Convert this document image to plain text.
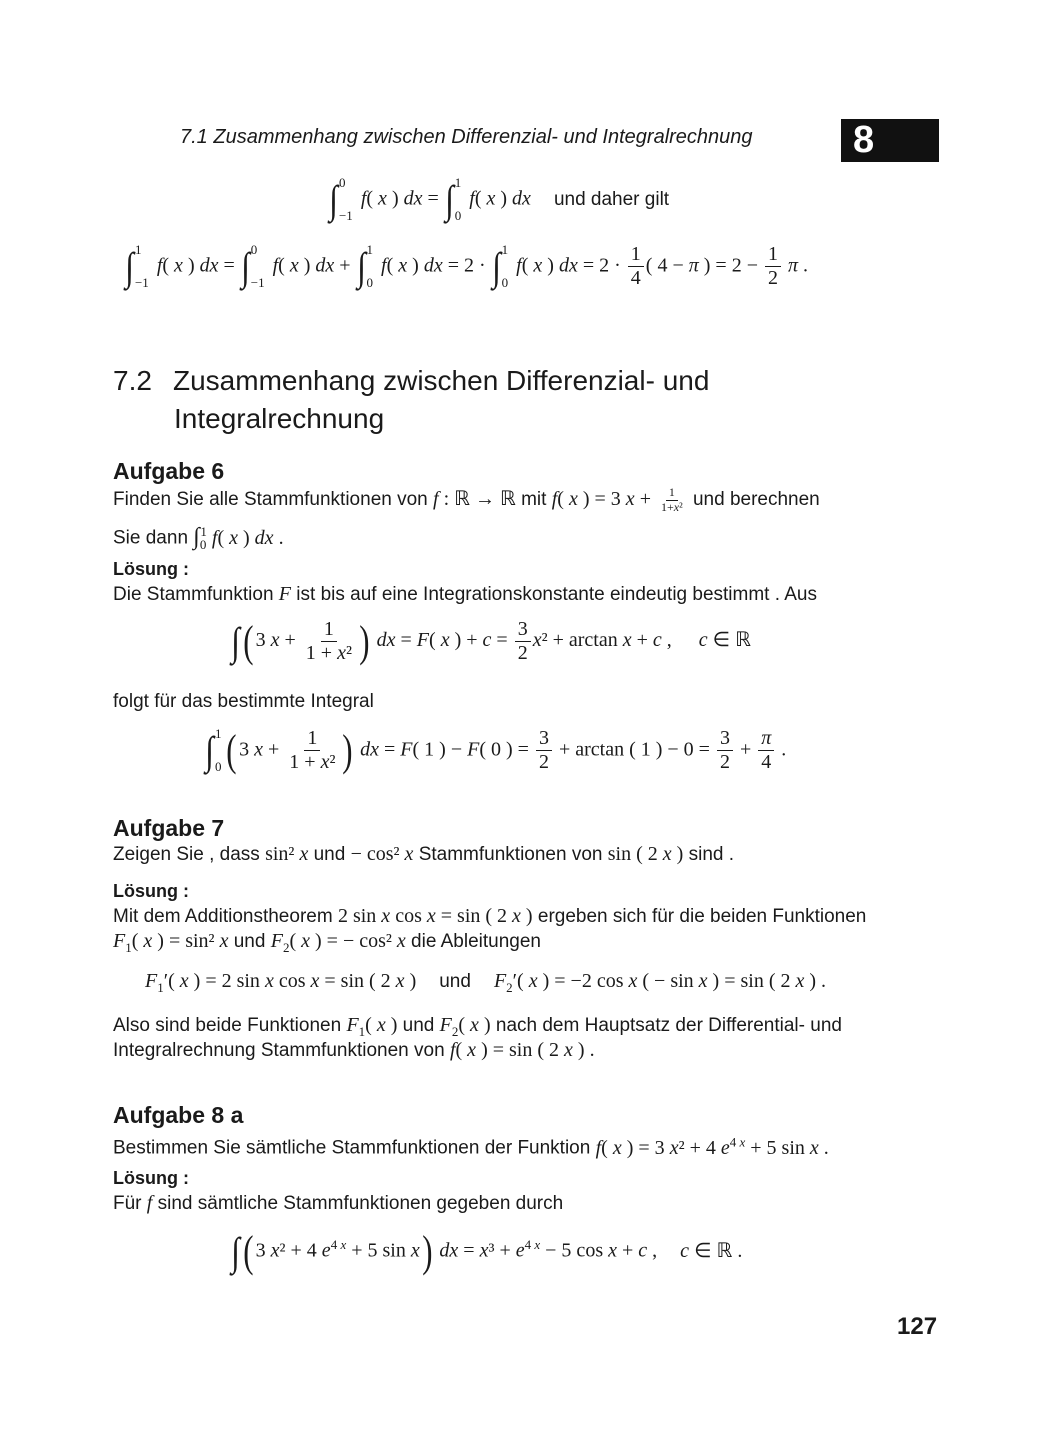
7.1 Zusammenhang zwischen Differenzial- und Integralrechnung	8
∫ 0
−1
f( x ) dx = ∫ 1
0
f( x ) dx und daher gilt
∫ 1
−1
f( x ) dx = ∫ 0
−1
f( x ) dx + ∫ 1
0
f( x ) dx = 2 · ∫ 1
0
f( x ) dx = $2 \cdot \frac{1}{4}$ ( 4 − π ) = $2 - \frac{1}{2}$ π .
7.2 Zusammenhang zwischen Differenzial- und
Integralrechnung
Aufgabe 6
Finden Sie alle Stammfunktionen von f : ℝ → ℝ mit f( x ) = 3 $x + \frac{1}{\text{1+x²}}$ und berechnen
Sie dann $\int_0^1$ f( x ) dx .
Lösung :
Die Stammfunktion F ist bis auf eine Integrationskonstante eindeutig bestimmt . Aus
∫( 3 $x + \frac{1}{\text{1 + x²}}$ ) dx = F( x ) + $c = \frac{3}{2} x^2 + \arctan x + c$ , c ∈ ℝ
folgt für das bestimmte Integral
∫ 1
0 ( 3 $x + \frac{1}{\text{1 + x²}}$ ) dx = F( 1 ) − F( 0 ) = $\frac{3}{2} + \arctan$ ( 1 ) − $0 = \frac{3}{2} + \frac{\pi}{4}$ .
Aufgabe 7
Zeigen Sie , dass sin² x und − cos² x Stammfunktionen von sin ( 2 x ) sind .
Lösung :
Mit dem Additionstheorem 2 sin x cos x = sin ( 2 x ) ergeben sich für die beiden Funktionen
$F_1$( x ) = sin² x und $F_2$( x ) = − cos² x die Ableitungen
$F_1'$( x ) = 2 sin x cos x = sin ( 2 x ) und $F_2'$( x ) = −2 cos x ( − sin x ) = sin ( 2 x ) .
Also sind beide Funktionen $F_1$( x ) und $F_2$( x ) nach dem Hauptsatz der Differential- und
Integralrechnung Stammfunktionen von f( x ) = sin ( 2 x ) .
Aufgabe 8 a
Bestimmen Sie sämtliche Stammfunktionen der Funktion f( x ) = 3 x² + 4 $e^{4 x} + 5$ sin x .
Lösung :
Für f sind sämtliche Stammfunktionen gegeben durch
∫( 3 x² + 4 $e^{4 x} + 5$ sin x) dx = $x^3 + e^{4 x} - 5$ cos x + c , c ∈ ℝ .
127
